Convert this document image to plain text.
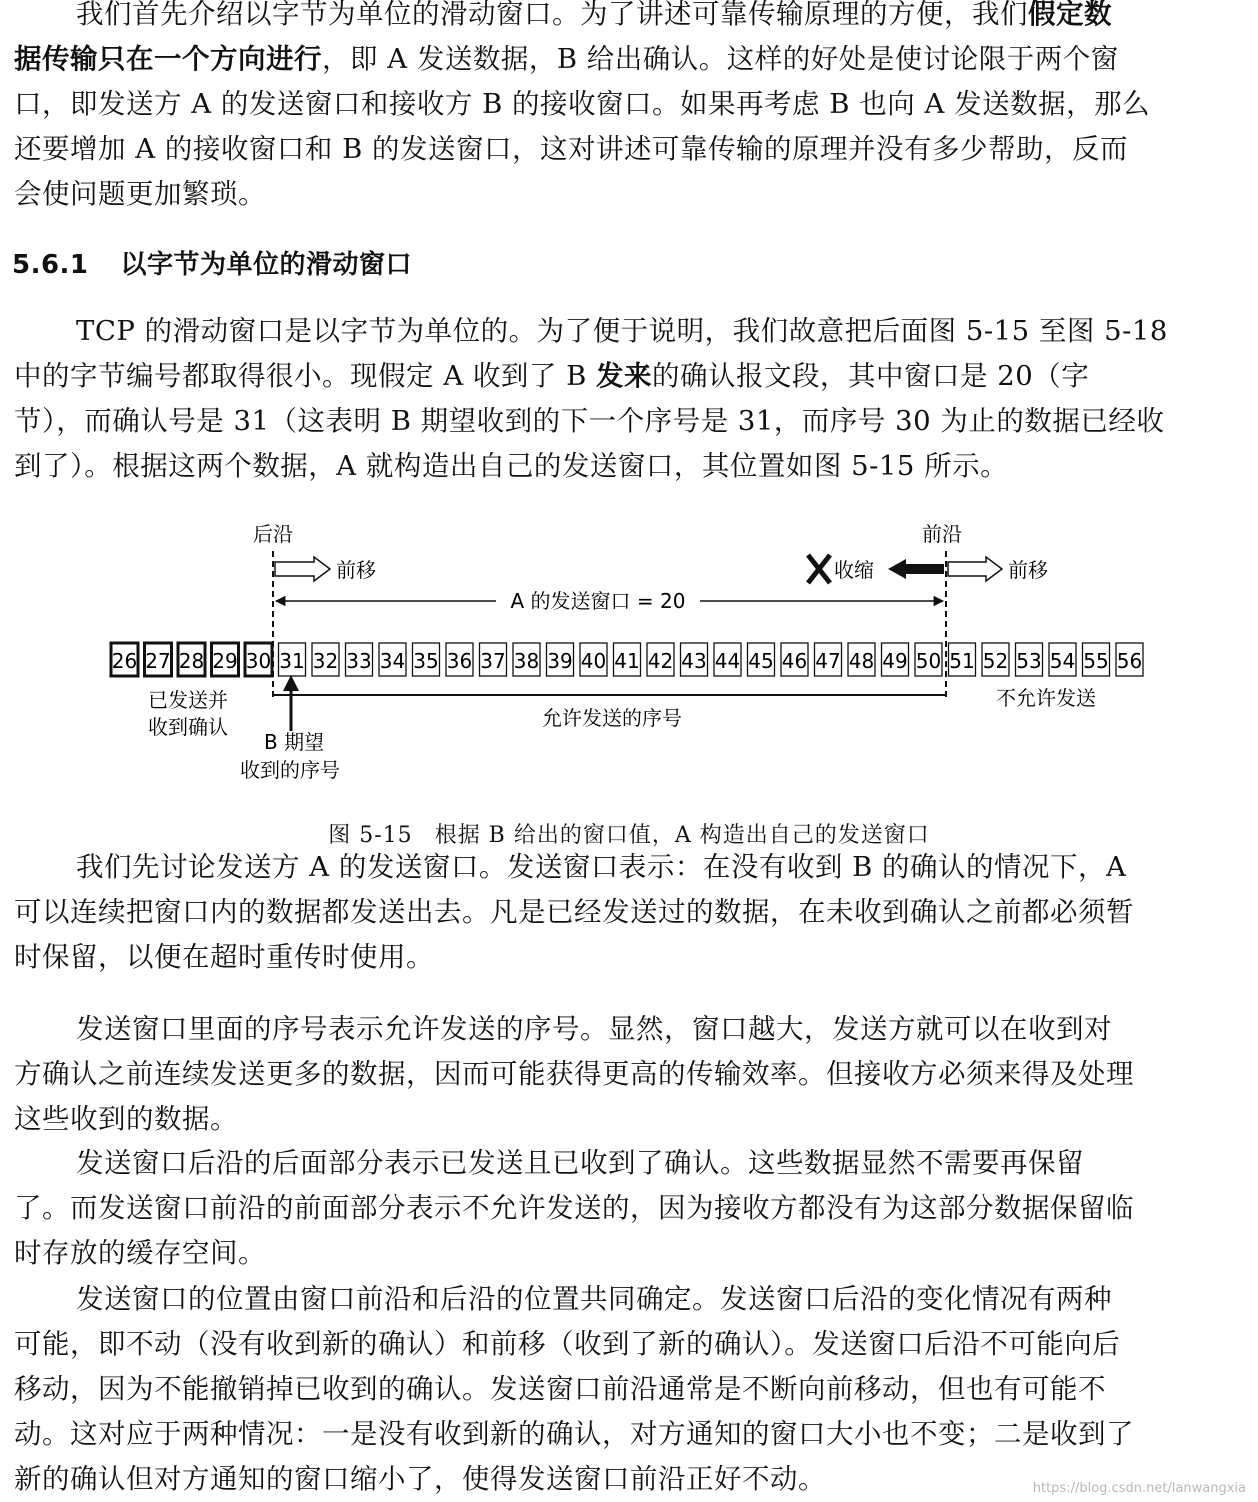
我们首先介绍以字节为单位的滑动窗口。为了讲述可靠传输原理的方便，我们假定数
据传输只在一个方向进行，即 A 发送数据，B 给出确认。这样的好处是使讨论限于两个窗
口，即发送方 A 的发送窗口和接收方 B 的接收窗口。如果再考虑 B 也向 A 发送数据，那么
还要增加 A 的接收窗口和 B 的发送窗口，这对讲述可靠传输的原理并没有多少帮助，反而
会使问题更加繁琐。
5.6.1 以字节为单位的滑动窗口
TCP 的滑动窗口是以字节为单位的。为了便于说明，我们故意把后面图 5-15 至图 5-18
中的字节编号都取得很小。现假定 A 收到了 B 发来的确认报文段，其中窗口是 20（字
节），而确认号是 31（这表明 B 期望收到的下一个序号是 31，而序号 30 为止的数据已经收
到了）。根据这两个数据，A 就构造出自己的发送窗口，其位置如图 5-15 所示。
后沿	前沿
前移	收缩	前移
A 的发送窗口 = 20
26 27 28 29 30 31 32 33 34 35 36 37 38 39 40 41 42 43 44 45 46 47 48 49 50 51 52 53 54 55 56
已发送并
收到确认	允许发送的序号
不允许发送
B 期望
收到的序号
图 5-15 根据 B 给出的窗口值，A 构造出自己的发送窗口
我们先讨论发送方 A 的发送窗口。发送窗口表示：在没有收到 B 的确认的情况下，A
可以连续把窗口内的数据都发送出去。凡是已经发送过的数据，在未收到确认之前都必须暂
时保留，以便在超时重传时使用。
发送窗口里面的序号表示允许发送的序号。显然，窗口越大，发送方就可以在收到对
方确认之前连续发送更多的数据，因而可能获得更高的传输效率。但接收方必须来得及处理
这些收到的数据。
发送窗口后沿的后面部分表示已发送且已收到了确认。这些数据显然不需要再保留
了。而发送窗口前沿的前面部分表示不允许发送的，因为接收方都没有为这部分数据保留临
时存放的缓存空间。
发送窗口的位置由窗口前沿和后沿的位置共同确定。发送窗口后沿的变化情况有两种
可能，即不动（没有收到新的确认）和前移（收到了新的确认）。发送窗口后沿不可能向后
移动，因为不能撤销掉已收到的确认。发送窗口前沿通常是不断向前移动，但也有可能不
动。这对应于两种情况：一是没有收到新的确认，对方通知的窗口大小也不变；二是收到了
新的确认但对方通知的窗口缩小了，使得发送窗口前沿正好不动。	https://blog.csdn.net/lanwangxia
